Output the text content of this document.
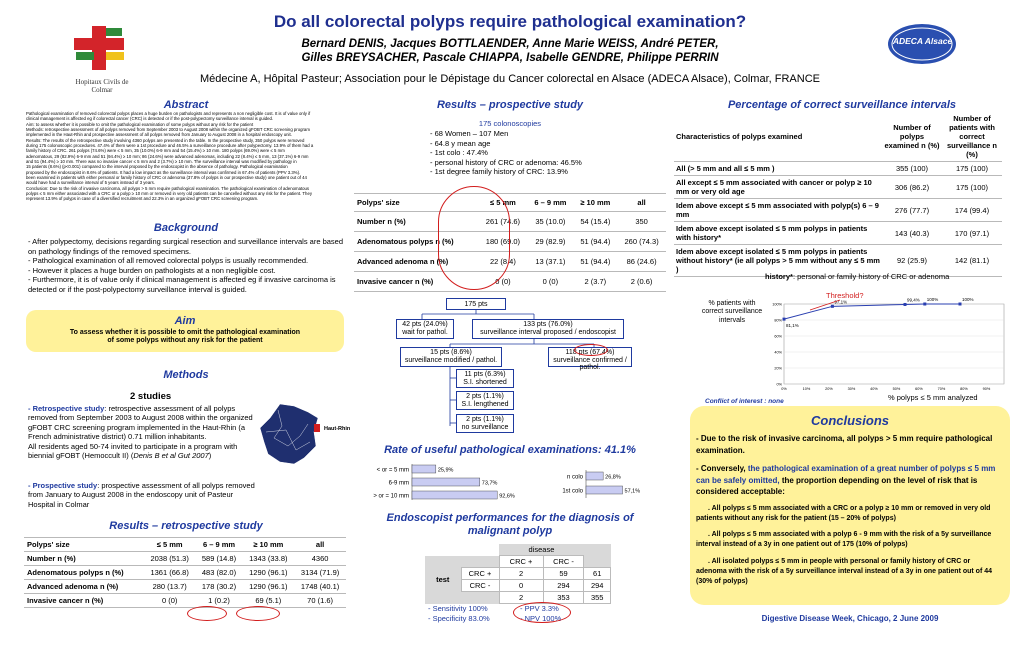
Hopitaux Civils de Colmar
Do all colorectal polyps require pathological examination?
Bernard DENIS, Jacques BOTTLAENDER, Anne Marie WEISS, André PETER,
Gilles BREYSACHER, Pascale CHIAPPA, Isabelle GENDRE, Philippe PERRIN
Médecine A, Hôpital Pasteur; Association pour le Dépistage du Cancer colorectal en Alsace (ADECA Alsace), Colmar, FRANCE
ADECA Alsace
Abstract
Pathological examination of removed colorectal polyps places a huge burden on pathologists and represents a non negligible cost. It is of value only if
clinical management is affected eg if colorectal cancer (CRC) is detected or if the post-polypectomy surveillance interval is guided.
Aim: to assess whether it is possible to omit the pathological examination of some polyps without any risk for the patient
Methods: retrospective assessment of all polyps removed from September 2003 to August 2008 within the organized gFOBT CRC screening program
implemented in the Haut-Rhin and prospective assessment of all polyps removed from January to August 2008 in a hospital endoscopy unit.
Results: The results of the retrospective study involving 4360 polyps are presented in the table. In the prospective study, 350 polyps were removed
during 175 colonoscopic procedures. 47.4% of them were a 1st procedure and 46.5% a surveillance procedure after polypectomy. 13.9% of them had a
family history of CRC. 261 polyps (74.6%) were ≤ 5 mm, 35 (10.0%) 6-9 mm and 54 (15.4%) ≥ 10 mm. 180 polyps (69.0%) were ≤ 5 mm
adenomatous, 29 (82.9%) 6-9 mm and 51 (94.4%) ≥ 10 mm; 86 (24.6%) were advanced adenomas, including 22 (8.4%) ≤ 5 mm, 13 (37.1%) 6-9 mm
and 51 (94.4%) ≥ 10 mm. There was no invasive cancer ≤ 5 mm and 2 (3.7%) ≥ 10 mm. The surveillance interval was modified by pathology in
15 patients (8.6%) (p<0.001) compared to the interval proposed by the endoscopist in the absence of pathology. Pathological examination
proposed by the endoscopist in 8.6% of patients. It had a low impact as the surveillance interval was confirmed in 67.4% of patients (PPV 3.3%).
been examined in patients with either personal or family history of CRC or adenoma (37.8% of polyps in our prospective study) one patient out of 44
would have had a surveillance interval of 5 years instead of 3 years.
Conclusion: Due to the risk of invasive carcinoma, all polyps > 5 mm require pathological examination. The pathological examination of adenomatous
polyps ≤ 5 mm either associated with a CRC or a polyp ≥ 10 mm or removed in very old patients can be cancelled without any risk for the patient. They
represent 13.9% of polyps in case of a diversified recruitment and 22.3% in an organized gFOBT CRC screening program.
Background
- After polypectomy, decisions regarding surgical resection and surveillance intervals are based on pathology findings of the removed specimens.
- Pathological examination of all removed colorectal polyps is usually recommended.
- However it places a huge burden on pathologists at a non negligible cost.
- Furthermore, it is of value only if clinical management is affected eg if invasive carcinoma is detected or if the post-polypectomy surveillance interval is guided.
Aim
To assess whether it is possible to omit the pathological examination of some polyps without any risk for the patient
Methods
2 studies
- Retrospective study: retrospective assessment of all polyps removed from September 2003 to August 2008 within the organized gFOBT CRC screening program implemented in the Haut-Rhin (a French administrative district) 0.71 million inhabitants.
All residents aged 50-74 invited to participate in a program with biennial gFOBT (Hemoccult II) (Denis B et al Gut 2007)
- Prospective study: prospective assessment of all polyps removed from January to August 2008 in the endoscopy unit of Pasteur Hospital in Colmar
Haut-Rhin
Results – retrospective study
Polyps' size	≤ 5 mm	6 – 9 mm	≥ 10 mm	all
Number n (%)	2038 (51.3)	589 (14.8)	1343 (33.8)	4360
Adenomatous polyps n (%)	1361 (66.8)	483 (82.0)	1290 (96.1)	3134 (71.9)
Advanced adenoma n (%)	280 (13.7)	178 (30.2)	1290 (96.1)	1748 (40.1)
Invasive cancer n (%)	0 (0)	1 (0.2)	69 (5.1)	70 (1.6)
Results – prospective study
175 colonoscopies
- 68 Women – 107 Men
- 64.8 y mean age
- 1st colo : 47.4%
- personal history of CRC or adenoma: 46.5%
- 1st degree family history of CRC: 13.9%
Polyps' size	≤ 5 mm	6 – 9 mm	≥ 10 mm	all
Number n (%)	261 (74.6)	35 (10.0)	54 (15.4)	350
Adenomatous polyps n (%)	180 (69.0)	29 (82.9)	51 (94.4)	260 (74.3)
Advanced adenoma n (%)	22 (8.4)	13 (37.1)	51 (94.4)	86 (24.6)
Invasive cancer n (%)	0 (0)	0 (0)	2 (3.7)	2 (0.6)
175 pts
42 pts (24.0%)
wait for pathol.
133 pts (76.0%)
surveillance interval proposed / endoscopist
15 pts (8.6%)
surveillance modified / pathol.
118 pts (67.4%)
surveillance confirmed / pathol.
11 pts (6.3%)
S.I. shortened
2 pts (1.1%)
S.I. lengthened
2 pts (1.1%)
no surveillance
Rate of useful pathological examinations: 41.1%
< or = 5 mm	25,9%
6-9 mm	73,7%
> or = 10 mm	92,6%
n colo	26,8%
1st colo	57,1%
Endoscopist performances for the diagnosis of
malignant polyp
		disease		
		CRC +	CRC -	
test	CRC +	2	59	61
	CRC -	0	294	294
		2	353	355
- Sensitivity 100%
- Specificity 83.0%
- PPV 3.3%
- NPV 100%
Percentage of correct surveillance intervals
Characteristics of polyps examined	Number of polyps examined n (%)	Number of patients with correct surveillance n (%)
All (> 5 mm and all ≤ 5 mm )	355 (100)	175 (100)
All except ≤ 5 mm associated with cancer or polyp ≥ 10 mm or very old age	306 (86.2)	175 (100)
Idem above except ≤ 5 mm associated with polyp(s) 6 – 9 mm	276 (77.7)	174 (99.4)
Idem above except isolated ≤ 5 mm polyps in patients with history*	143 (40.3)	170 (97.1)
Idem above except isolated ≤ 5 mm polyps in patients without history* (ie all polyps > 5 mm without any ≤ 5 mm )	92 (25.9)	142 (81.1)
history*: personal or family history of CRC or adenoma
Threshold?
% patients with correct surveillance intervals
100%
80%
60%
40%
20%
0%
0%	10%	20%	30%	40%	50%	60%	70%	80%	90%
81,1%
97,1%	99,4% 100%	100%
% polyps ≤ 5 mm analyzed
Conflict of interest : none
Conclusions
- Due to the risk of invasive carcinoma, all polyps > 5 mm require pathological examination.
- Conversely, the pathological examination of a great number of polyps ≤ 5 mm can be safely omitted, the proportion depending on the level of risk that is considered acceptable:
. All polyps ≤ 5 mm associated with a CRC or a polyp ≥ 10 mm or removed in very old patients without any risk for the patient (15 – 20% of polyps)
. All polyps ≤ 5 mm associated with a polyp 6 - 9 mm with the risk of a 5y surveillance interval instead of a 3y in one patient out of 175 (10% of polyps)
. All isolated polyps ≤ 5 mm in people with personal or family history of CRC or adenoma with the risk of a 5y surveillance interval instead of a 3y in one patient out of 44 (30% of polyps)
Digestive Disease Week, Chicago, 2 June 2009
